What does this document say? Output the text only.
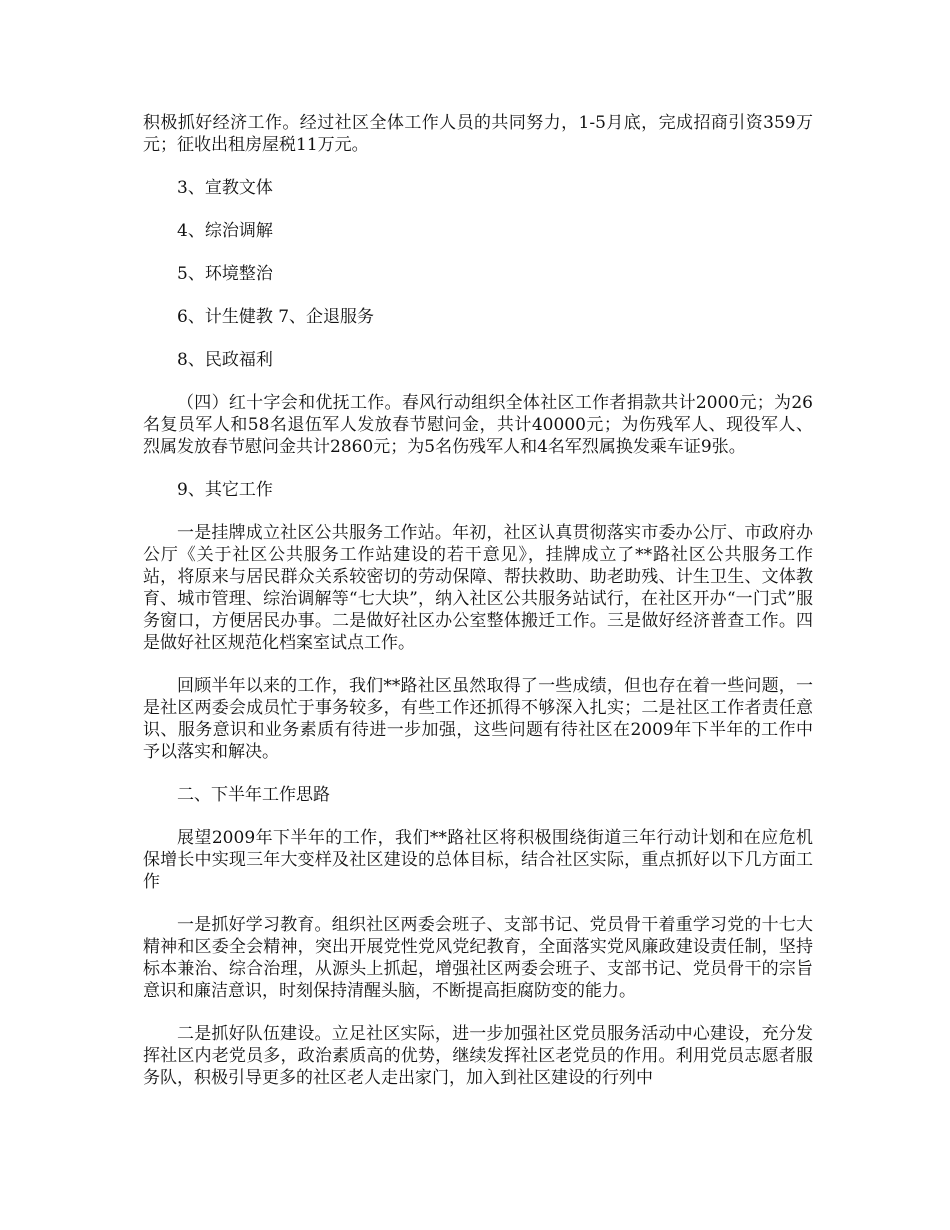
积极抓好经济工作。经过社区全体工作人员的共同努力，1-5月底，完成招商引资359万元；征收出租房屋税11万元。

3、宣教文体

4、综治调解

5、环境整治

6、计生健教 7、企退服务

8、民政福利

（四）红十字会和优抚工作。春风行动组织全体社区工作者捐款共计2000元；为26名复员军人和58名退伍军人发放春节慰问金，共计40000元；为伤残军人、现役军人、烈属发放春节慰问金共计2860元；为5名伤残军人和4名军烈属换发乘车证9张。

9、其它工作

一是挂牌成立社区公共服务工作站。年初，社区认真贯彻落实市委办公厅、市政府办公厅《关于社区公共服务工作站建设的若干意见》，挂牌成立了**路社区公共服务工作站，将原来与居民群众关系较密切的劳动保障、帮扶救助、助老助残、计生卫生、文体教育、城市管理、综治调解等“七大块”，纳入社区公共服务站试行，在社区开办“一门式”服务窗口，方便居民办事。二是做好社区办公室整体搬迁工作。三是做好经济普查工作。四是做好社区规范化档案室试点工作。

回顾半年以来的工作，我们**路社区虽然取得了一些成绩，但也存在着一些问题，一是社区两委会成员忙于事务较多，有些工作还抓得不够深入扎实；二是社区工作者责任意识、服务意识和业务素质有待进一步加强，这些问题有待社区在2009年下半年的工作中予以落实和解决。

二、下半年工作思路

展望2009年下半年的工作，我们**路社区将积极围绕街道三年行动计划和在应危机保增长中实现三年大变样及社区建设的总体目标，结合社区实际，重点抓好以下几方面工作

一是抓好学习教育。组织社区两委会班子、支部书记、党员骨干着重学习党的十七大精神和区委全会精神，突出开展党性党风党纪教育，全面落实党风廉政建设责任制，坚持标本兼治、综合治理，从源头上抓起，增强社区两委会班子、支部书记、党员骨干的宗旨意识和廉洁意识，时刻保持清醒头脑，不断提高拒腐防变的能力。

二是抓好队伍建设。立足社区实际，进一步加强社区党员服务活动中心建设，充分发挥社区内老党员多，政治素质高的优势，继续发挥社区老党员的作用。利用党员志愿者服务队，积极引导更多的社区老人走出家门，加入到社区建设的行列中
